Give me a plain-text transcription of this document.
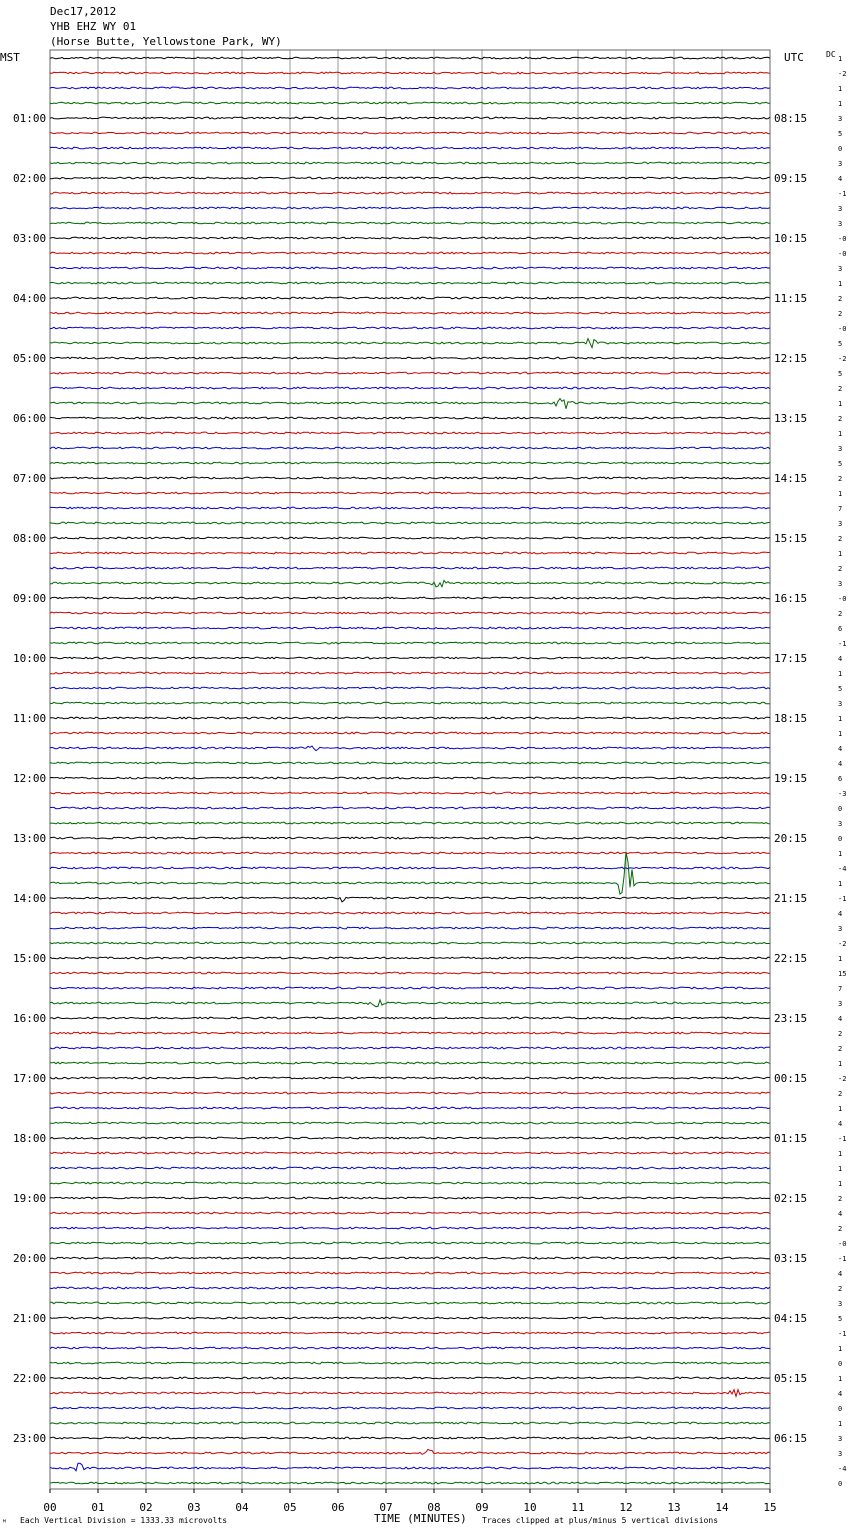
Dec17,2012
YHB EHZ WY 01
(Horse Butte, Yellowstone Park, WY)
MST	UTC	DC 1
-2
1
1
3
5
0
3
4
-1
3
3
-0
-0
3
1
2
2
-0
5
-2
5
2
1
2
1
3
5
2
1
7
3
2
1
2
3
-0
2
6
-1
4
1
5
3
1
1
4
4
6
-3
0
3
0
1
-4
1
-1
4
3
-2
1
15
7
3
4
2
2
1
-2
2
1
4
-1
1
1
1
2
4
2
-0
-1
4
2
3
5
-1
1
0
1
4
0
1
3
3
-4
0
01:00	08:15
02:00	09:15
03:00	10:15
04:00	11:15
05:00	12:15
06:00	13:15
07:00	14:15
08:00	15:15
09:00	16:15
10:00	17:15
11:00	18:15
12:00	19:15
13:00	20:15
14:00	21:15
15:00	22:15
16:00	23:15
17:00	00:15
18:00	01:15
19:00	02:15
20:00	03:15
21:00	04:15
22:00	05:15
23:00	06:15
00	01	02	03	04	05	06	07	08	09	10	11	12	13	14	15
ᴹ Each Vertical Division = 1333.33 microvolts	TIME (MINUTES) Traces clipped at plus/minus 5 vertical divisions
